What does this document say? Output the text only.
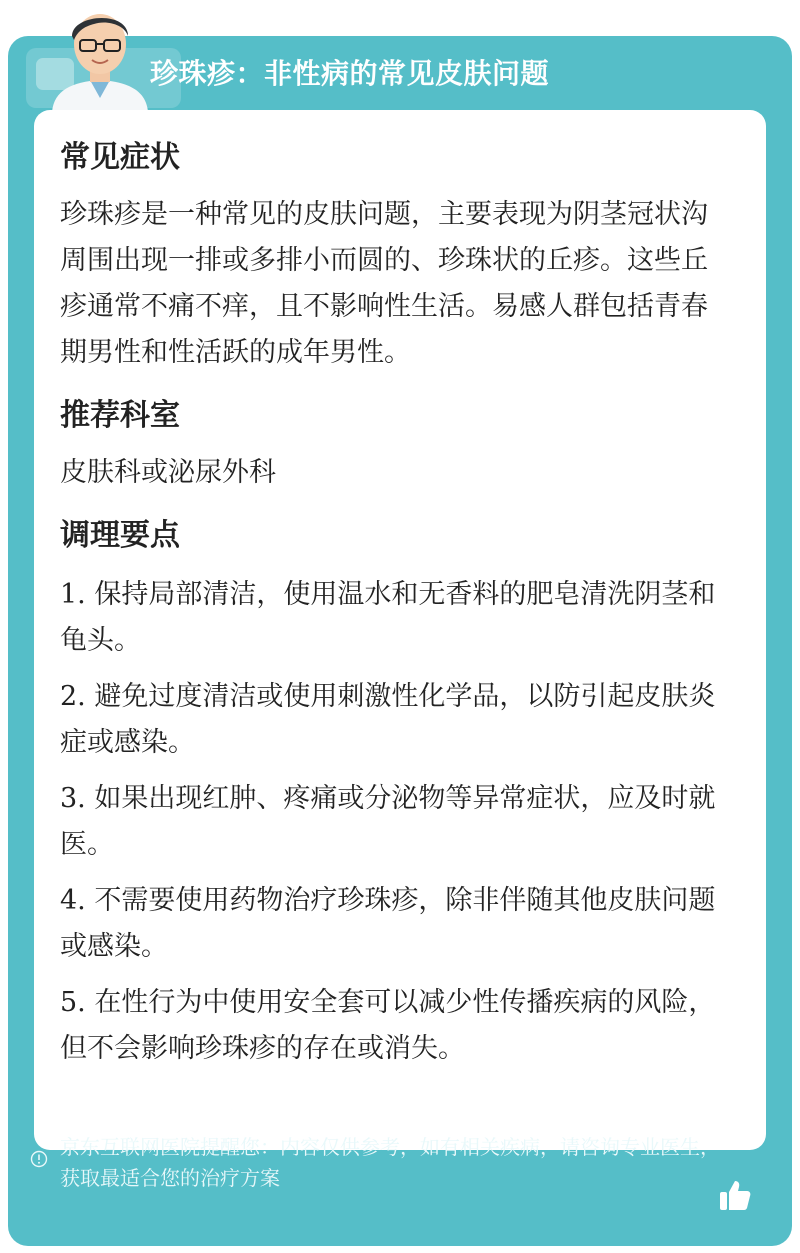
珍珠疹：非性病的常见皮肤问题
常见症状

珍珠疹是一种常见的皮肤问题，主要表现为阴茎冠状沟周围出现一排或多排小而圆的、珍珠状的丘疹。这些丘疹通常不痛不痒，且不影响性生活。易感人群包括青春期男性和性活跃的成年男性。

推荐科室

皮肤科或泌尿外科

调理要点

1. 保持局部清洁，使用温水和无香料的肥皂清洗阴茎和龟头。

2. 避免过度清洁或使用刺激性化学品，以防引起皮肤炎症或感染。

3. 如果出现红肿、疼痛或分泌物等异常症状，应及时就医。

4. 不需要使用药物治疗珍珠疹，除非伴随其他皮肤问题或感染。

5. 在性行为中使用安全套可以减少性传播疾病的风险，但不会影响珍珠疹的存在或消失。

京东互联网医院提醒您：内容仅供参考，如有相关疾病，请咨询专业医生，获取最适合您的治疗方案
